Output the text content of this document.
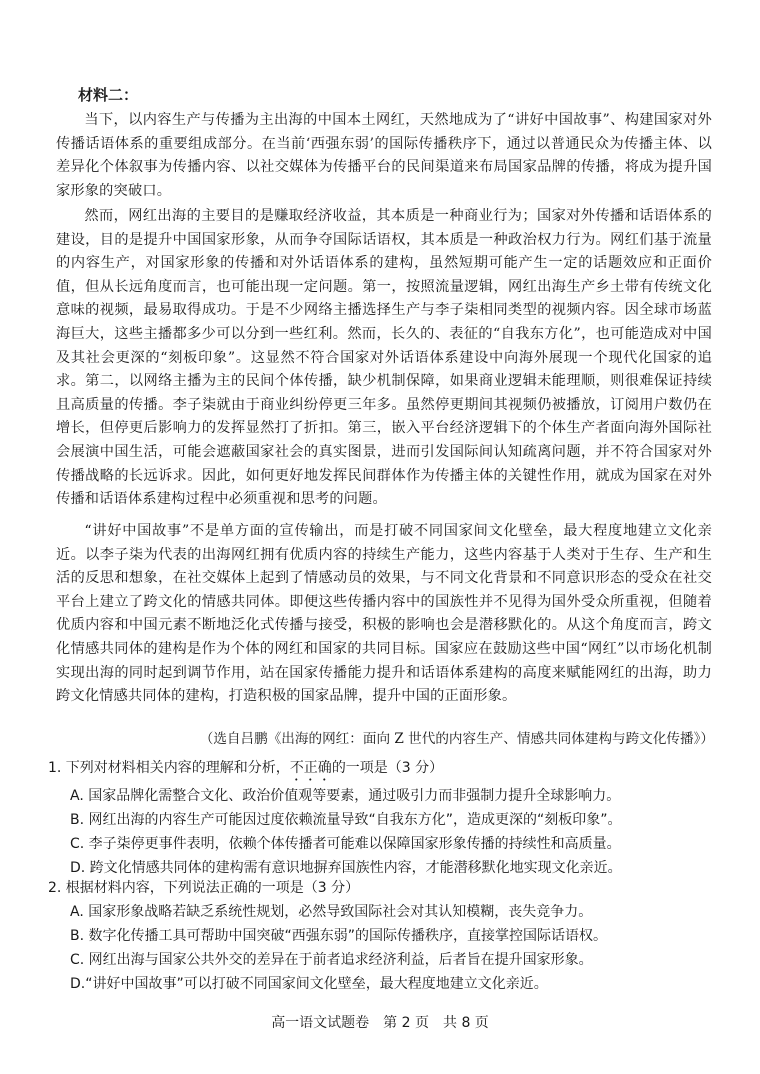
材料二：

当下，以内容生产与传播为主出海的中国本土网红，天然地成为了“讲好中国故事”、构建国家对外传播话语体系的重要组成部分。在当前‘西强东弱’的国际传播秩序下，通过以普通民众为传播主体、以差异化个体叙事为传播内容、以社交媒体为传播平台的民间渠道来布局国家品牌的传播，将成为提升国家形象的突破口。

然而，网红出海的主要目的是赚取经济收益，其本质是一种商业行为；国家对外传播和话语体系的建设，目的是提升中国国家形象，从而争夺国际话语权，其本质是一种政治权力行为。网红们基于流量的内容生产，对国家形象的传播和对外话语体系的建构，虽然短期可能产生一定的话题效应和正面价值，但从长远角度而言，也可能出现一定问题。第一，按照流量逻辑，网红出海生产乡土带有传统文化意味的视频，最易取得成功。于是不少网络主播选择生产与李子柒相同类型的视频内容。因全球市场蓝海巨大，这些主播都多少可以分到一些红利。然而，长久的、表征的“自我东方化”，也可能造成对中国及其社会更深的“刻板印象”。这显然不符合国家对外话语体系建设中向海外展现一个现代化国家的追求。第二，以网络主播为主的民间个体传播，缺少机制保障，如果商业逻辑未能理顺，则很难保证持续且高质量的传播。李子柒就由于商业纠纷停更三年多。虽然停更期间其视频仍被播放，订阅用户数仍在增长，但停更后影响力的发挥显然打了折扣。第三，嵌入平台经济逻辑下的个体生产者面向海外国际社会展演中国生活，可能会遮蔽国家社会的真实图景，进而引发国际间认知疏离问题，并不符合国家对外传播战略的长远诉求。因此，如何更好地发挥民间群体作为传播主体的关键性作用，就成为国家在对外传播和话语体系建构过程中必须重视和思考的问题。

“讲好中国故事”不是单方面的宣传输出，而是打破不同国家间文化壁垒，最大程度地建立文化亲近。以李子柒为代表的出海网红拥有优质内容的持续生产能力，这些内容基于人类对于生存、生产和生活的反思和想象，在社交媒体上起到了情感动员的效果，与不同文化背景和不同意识形态的受众在社交平台上建立了跨文化的情感共同体。即便这些传播内容中的国族性并不见得为国外受众所重视，但随着优质内容和中国元素不断地泛化式传播与接受，积极的影响也会是潜移默化的。从这个角度而言，跨文化情感共同体的建构是作为个体的网红和国家的共同目标。国家应在鼓励这些中国“网红”以市场化机制实现出海的同时起到调节作用，站在国家传播能力提升和话语体系建构的高度来赋能网红的出海，助力跨文化情感共同体的建构，打造积极的国家品牌，提升中国的正面形象。

（选自吕鹏《出海的网红：面向 Z 世代的内容生产、情感共同体建构与跨文化传播》）
1. 下列对材料相关内容的理解和分析，不正确的一项是（3 分）
A. 国家品牌化需整合文化、政治价值观等要素，通过吸引力而非强制力提升全球影响力。
B. 网红出海的内容生产可能因过度依赖流量导致“自我东方化”，造成更深的“刻板印象”。
C. 李子柒停更事件表明，依赖个体传播者可能难以保障国家形象传播的持续性和高质量。
D. 跨文化情感共同体的建构需有意识地摒弃国族性内容，才能潜移默化地实现文化亲近。
2. 根据材料内容，下列说法正确的一项是（3 分）
A. 国家形象战略若缺乏系统性规划，必然导致国际社会对其认知模糊，丧失竞争力。
B. 数字化传播工具可帮助中国突破“西强东弱”的国际传播秩序，直接掌控国际话语权。
C. 网红出海与国家公共外交的差异在于前者追求经济利益，后者旨在提升国家形象。
D.“讲好中国故事”可以打破不同国家间文化壁垒，最大程度地建立文化亲近。
高一语文试题卷　第 2 页　共 8 页
